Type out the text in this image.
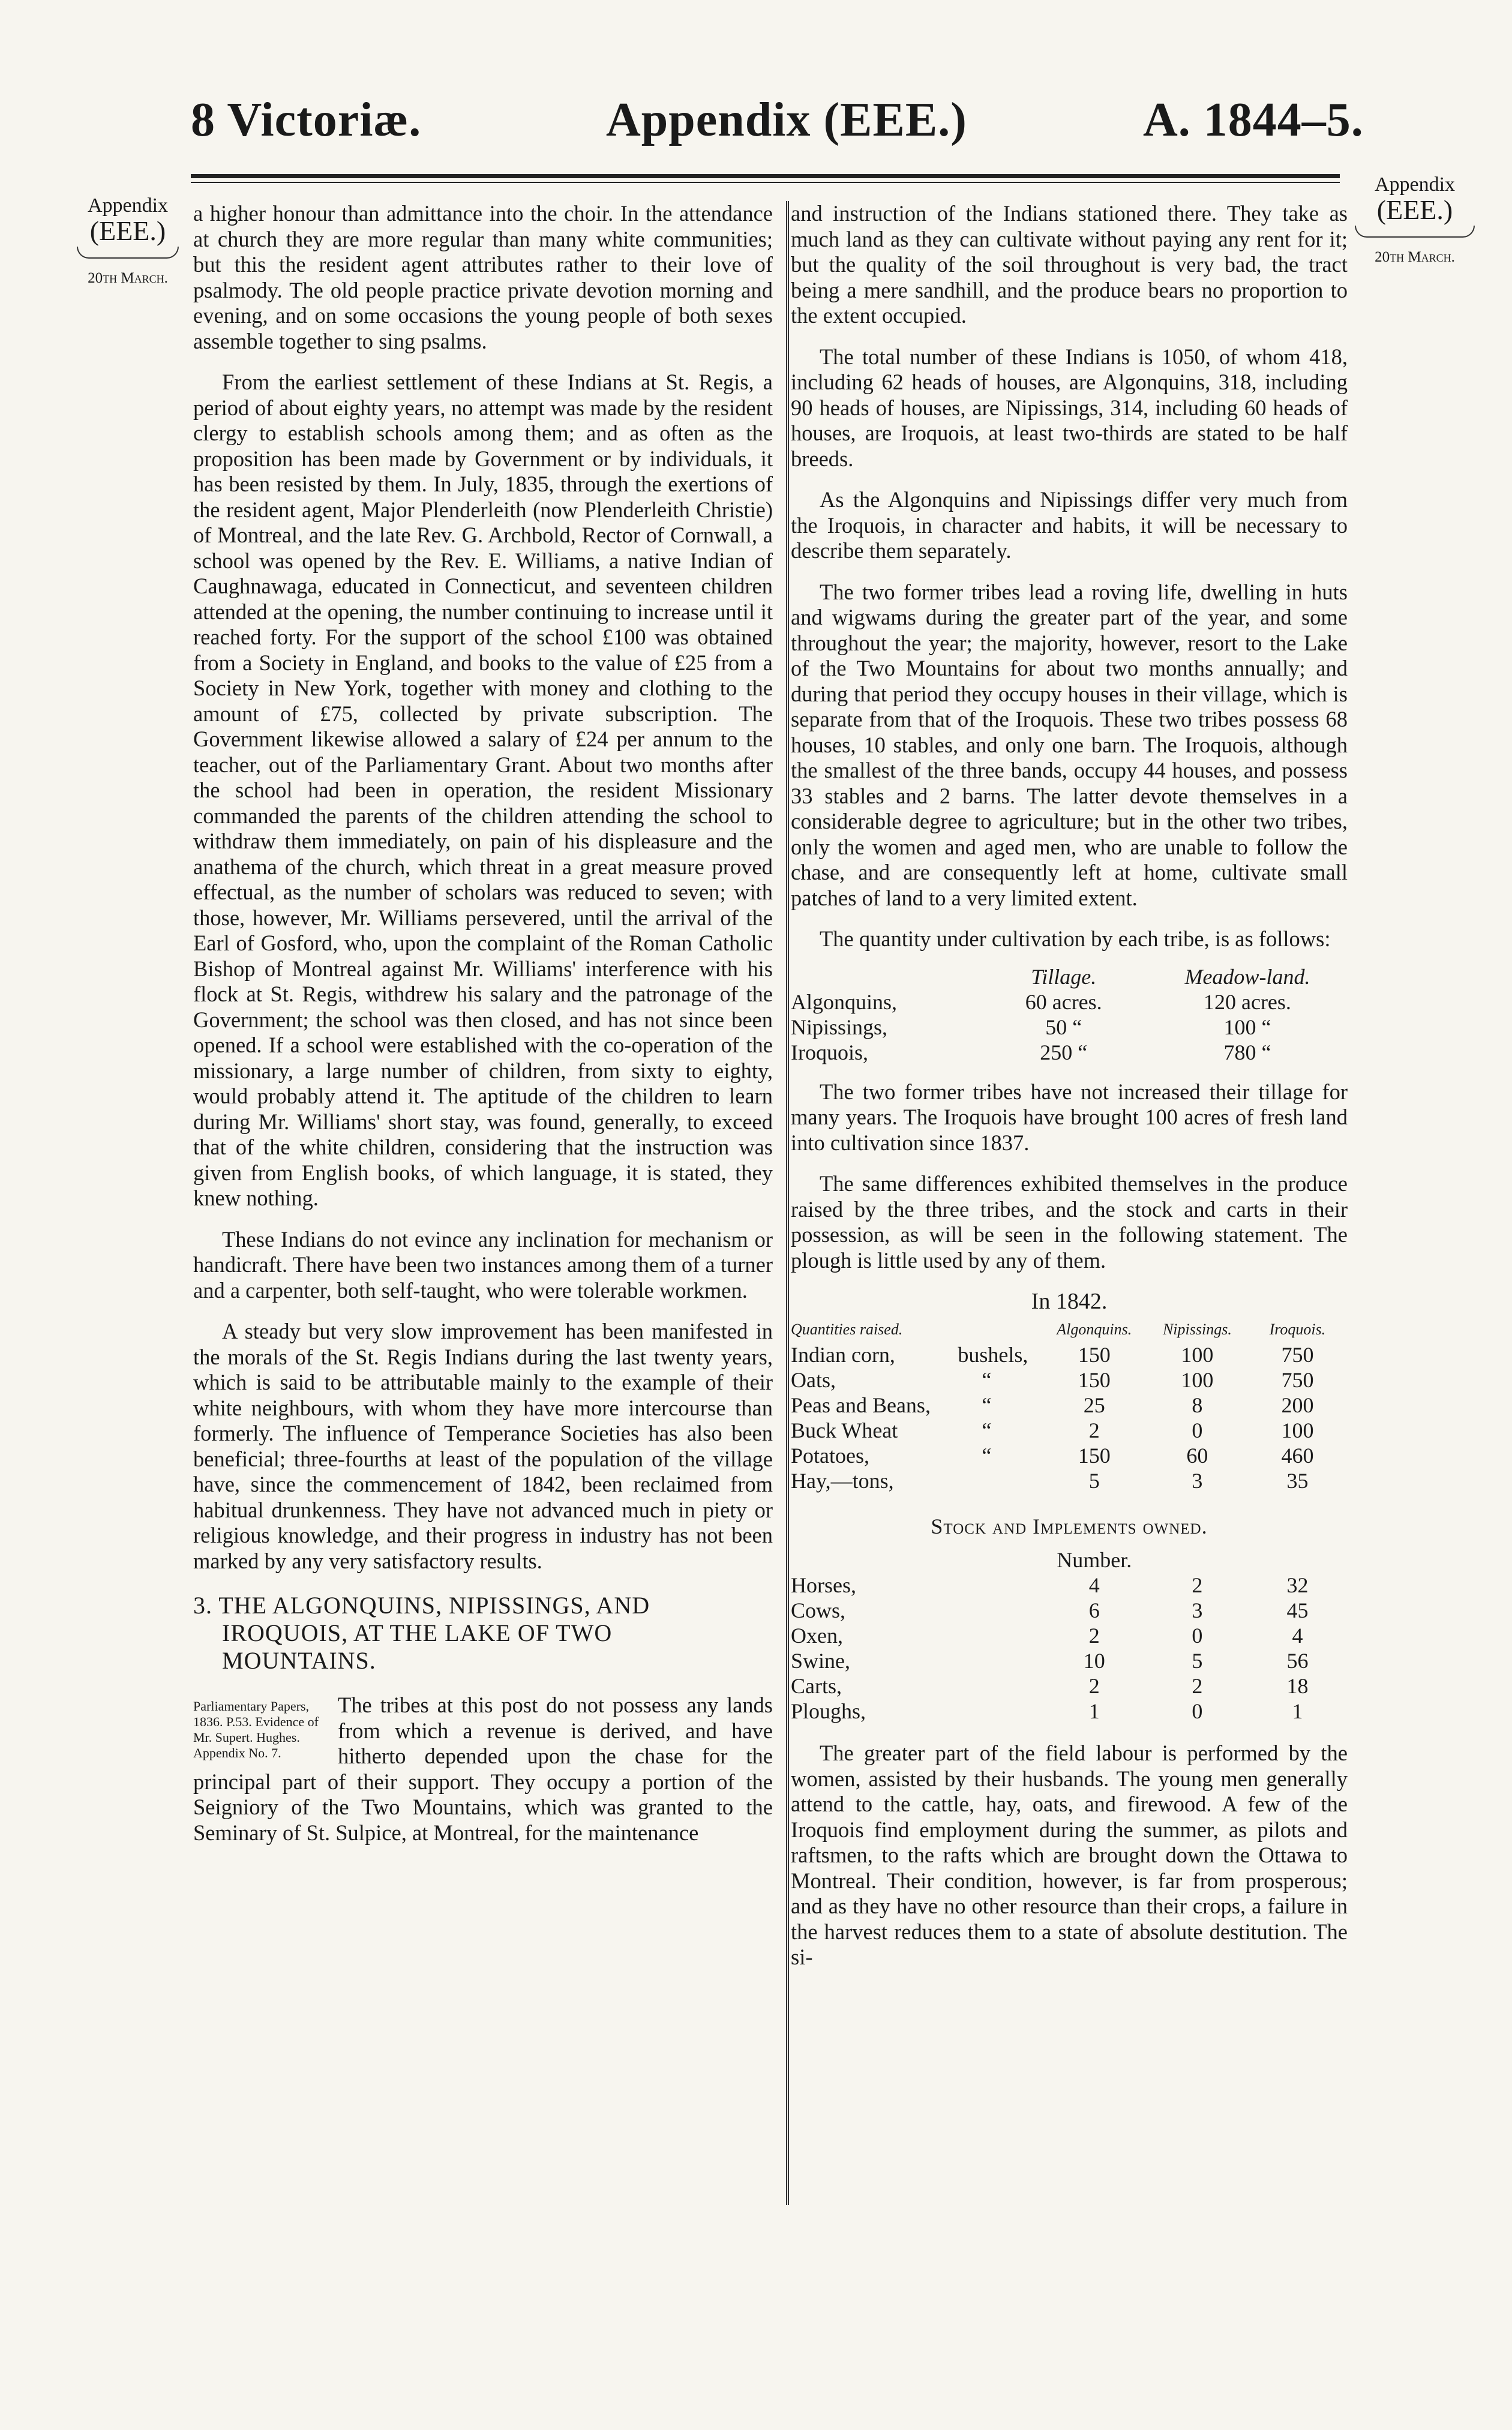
8 Victoriæ.	Appendix (EEE.)	A. 1844–5.
Appendix
(EEE.)
20th March.
Appendix
(EEE.)
20th March.

a higher honour than admittance into the choir. In the attendance at church they are more regular than many white communities; but this the resident agent attributes rather to their love of psalmody. The old people practice private devotion morning and evening, and on some occasions the young people of both sexes assemble together to sing psalms.

From the earliest settlement of these Indians at St. Regis, a period of about eighty years, no attempt was made by the resident clergy to establish schools among them; and as often as the proposition has been made by Government or by individuals, it has been resisted by them. In July, 1835, through the exertions of the resident agent, Major Plenderleith (now Plenderleith Christie) of Montreal, and the late Rev. G. Archbold, Rector of Cornwall, a school was opened by the Rev. E. Williams, a native Indian of Caughnawaga, educated in Connecticut, and seventeen children attended at the opening, the number continuing to increase until it reached forty. For the support of the school £100 was obtained from a Society in England, and books to the value of £25 from a Society in New York, together with money and clothing to the amount of £75, collected by private subscription. The Government likewise allowed a salary of £24 per annum to the teacher, out of the Parliamentary Grant. About two months after the school had been in operation, the resident Missionary commanded the parents of the children attending the school to withdraw them immediately, on pain of his displeasure and the anathema of the church, which threat in a great measure proved effectual, as the number of scholars was reduced to seven; with those, however, Mr. Williams persevered, until the arrival of the Earl of Gosford, who, upon the complaint of the Roman Catholic Bishop of Montreal against Mr. Williams' interference with his flock at St. Regis, withdrew his salary and the patronage of the Government; the school was then closed, and has not since been opened. If a school were established with the co-operation of the missionary, a large number of children, from sixty to eighty, would probably attend it. The aptitude of the children to learn during Mr. Williams' short stay, was found, generally, to exceed that of the white children, considering that the instruction was given from English books, of which language, it is stated, they knew nothing.

These Indians do not evince any inclination for mechanism or handicraft. There have been two instances among them of a turner and a carpenter, both self-taught, who were tolerable workmen.

A steady but very slow improvement has been manifested in the morals of the St. Regis Indians during the last twenty years, which is said to be attributable mainly to the example of their white neighbours, with whom they have more intercourse than formerly. The influence of Temperance Societies has also been beneficial; three-fourths at least of the population of the village have, since the commencement of 1842, been reclaimed from habitual drunkenness. They have not advanced much in piety or religious knowledge, and their progress in industry has not been marked by any very satisfactory results.

3. THE ALGONQUINS, NIPISSINGS, AND IROQUOIS, AT THE LAKE OF TWO MOUNTAINS.
Parliamentary Papers, 1836. P.53. Evidence of Mr. Supert. Hughes. Appendix No. 7.

The tribes at this post do not possess any lands from which a revenue is derived, and have hitherto depended upon the chase for the principal part of their support. They occupy a portion of the Seigniory of the Two Mountains, which was granted to the Seminary of St. Sulpice, at Montreal, for the maintenance

and instruction of the Indians stationed there. They take as much land as they can cultivate without paying any rent for it; but the quality of the soil throughout is very bad, the tract being a mere sandhill, and the produce bears no proportion to the extent occupied.

The total number of these Indians is 1050, of whom 418, including 62 heads of houses, are Algonquins, 318, including 90 heads of houses, are Nipissings, 314, including 60 heads of houses, are Iroquois, at least two-thirds are stated to be half breeds.

As the Algonquins and Nipissings differ very much from the Iroquois, in character and habits, it will be necessary to describe them separately.

The two former tribes lead a roving life, dwelling in huts and wigwams during the greater part of the year, and some throughout the year; the majority, however, resort to the Lake of the Two Mountains for about two months annually; and during that period they occupy houses in their village, which is separate from that of the Iroquois. These two tribes possess 68 houses, 10 stables, and only one barn. The Iroquois, although the smallest of the three bands, occupy 44 houses, and possess 33 stables and 2 barns. The latter devote themselves in a considerable degree to agriculture; but in the other two tribes, only the women and aged men, who are unable to follow the chase, and are consequently left at home, cultivate small patches of land to a very limited extent.

The quantity under cultivation by each tribe, is as follows:

	Tillage.	Meadow-land.
Algonquins,	60 acres.	120 acres.
Nipissings,	50 “	100 “
Iroquois,	250 “	780 “

The two former tribes have not increased their tillage for many years. The Iroquois have brought 100 acres of fresh land into cultivation since 1837.

The same differences exhibited themselves in the produce raised by the three tribes, and the stock and carts in their possession, as will be seen in the following statement. The plough is little used by any of them.

In 1842.
Quantities raised.		Algonquins.	Nipissings.	Iroquois.
Indian corn,	bushels,	150	100	750
Oats,	“	150	100	750
Peas and Beans,	“	25	8	200
Buck Wheat	“	2	0	100
Potatoes,	“	150	60	460
Hay,—tons,		5	3	35
Stock and Implements owned.
	Number.		
Horses,	4	2	32
Cows,	6	3	45
Oxen,	2	0	4
Swine,	10	5	56
Carts,	2	2	18
Ploughs,	1	0	1

The greater part of the field labour is performed by the women, assisted by their husbands. The young men generally attend to the cattle, hay, oats, and firewood. A few of the Iroquois find employment during the summer, as pilots and raftsmen, to the rafts which are brought down the Ottawa to Montreal. Their condition, however, is far from prosperous; and as they have no other resource than their crops, a failure in the harvest reduces them to a state of absolute destitution. The si-
